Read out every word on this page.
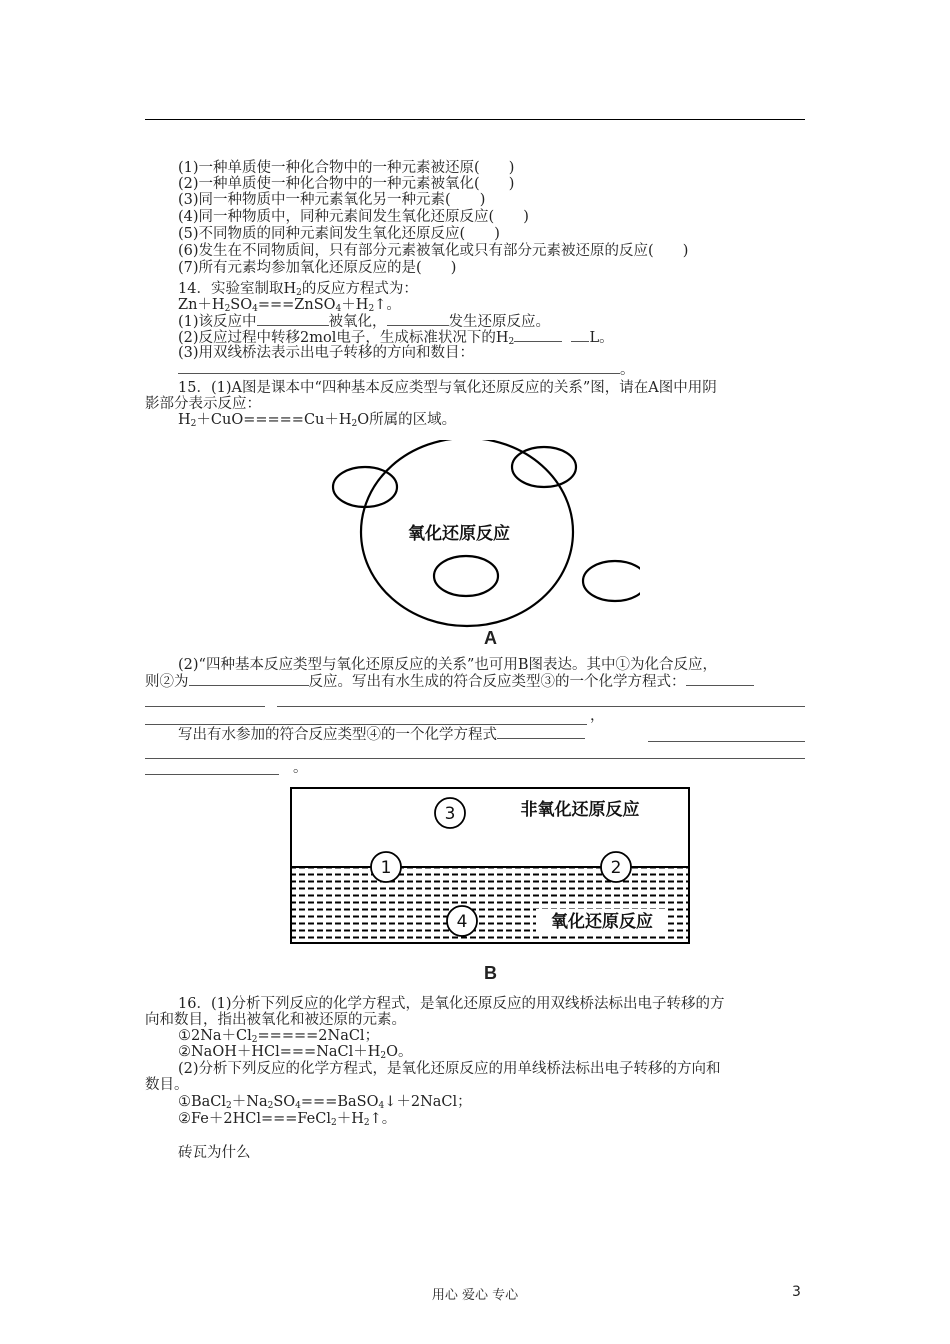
(1)一种单质使一种化合物中的一种元素被还原(　　)
(2)一种单质使一种化合物中的一种元素被氧化(　　)
(3)同一种物质中一种元素氧化另一种元素(　　)
(4)同一种物质中，同种元素间发生氧化还原反应(　　)
(5)不同物质的同种元素间发生氧化还原反应(　　)
(6)发生在不同物质间，只有部分元素被氧化或只有部分元素被还原的反应(　　)
(7)所有元素均参加氧化还原反应的是(　　)
14．实验室制取$H_2$的反应方程式为：
$Zn+H_2SO_4===ZnSO_4+H_2↑$。
(1)该反应中	被氧化，	发生还原反应。
(2)反应过程中转移2mol电子，生成标准状况下的$H_2$	L。
(3)用双线桥法表示出电子转移的方向和数目：
。
15．(1)A图是课本中“四种基本反应类型与氧化还原反应的关系”图，请在A图中用阴
影部分表示反应：
$H_2+CuO=====Cu+H_2O$所属的区域。
氧化还原反应
A
(2)“四种基本反应类型与氧化还原反应的关系”也可用B图表达。其中①为化合反应，
则②为	反应。写出有水生成的符合反应类型③的一个化学方程式：
，
写出有水参加的符合反应类型④的一个化学方程式
。
3
1	2
4
非氧化还原反应
氧化还原反应
B
16．(1)分析下列反应的化学方程式，是氧化还原反应的用双线桥法标出电子转移的方
向和数目，指出被氧化和被还原的元素。
$①2Na+Cl_2=====2NaCl$；
$②NaOH+HCl===NaCl+H_2O$。
(2)分析下列反应的化学方程式，是氧化还原反应的用单线桥法标出电子转移的方向和
数目。
$①BaCl_2+Na_2SO_4===BaSO_4↓+2NaCl$；
$②Fe+2HCl===FeCl_2+H_2↑$。
砖瓦为什么
用心 爱心 专心	3
